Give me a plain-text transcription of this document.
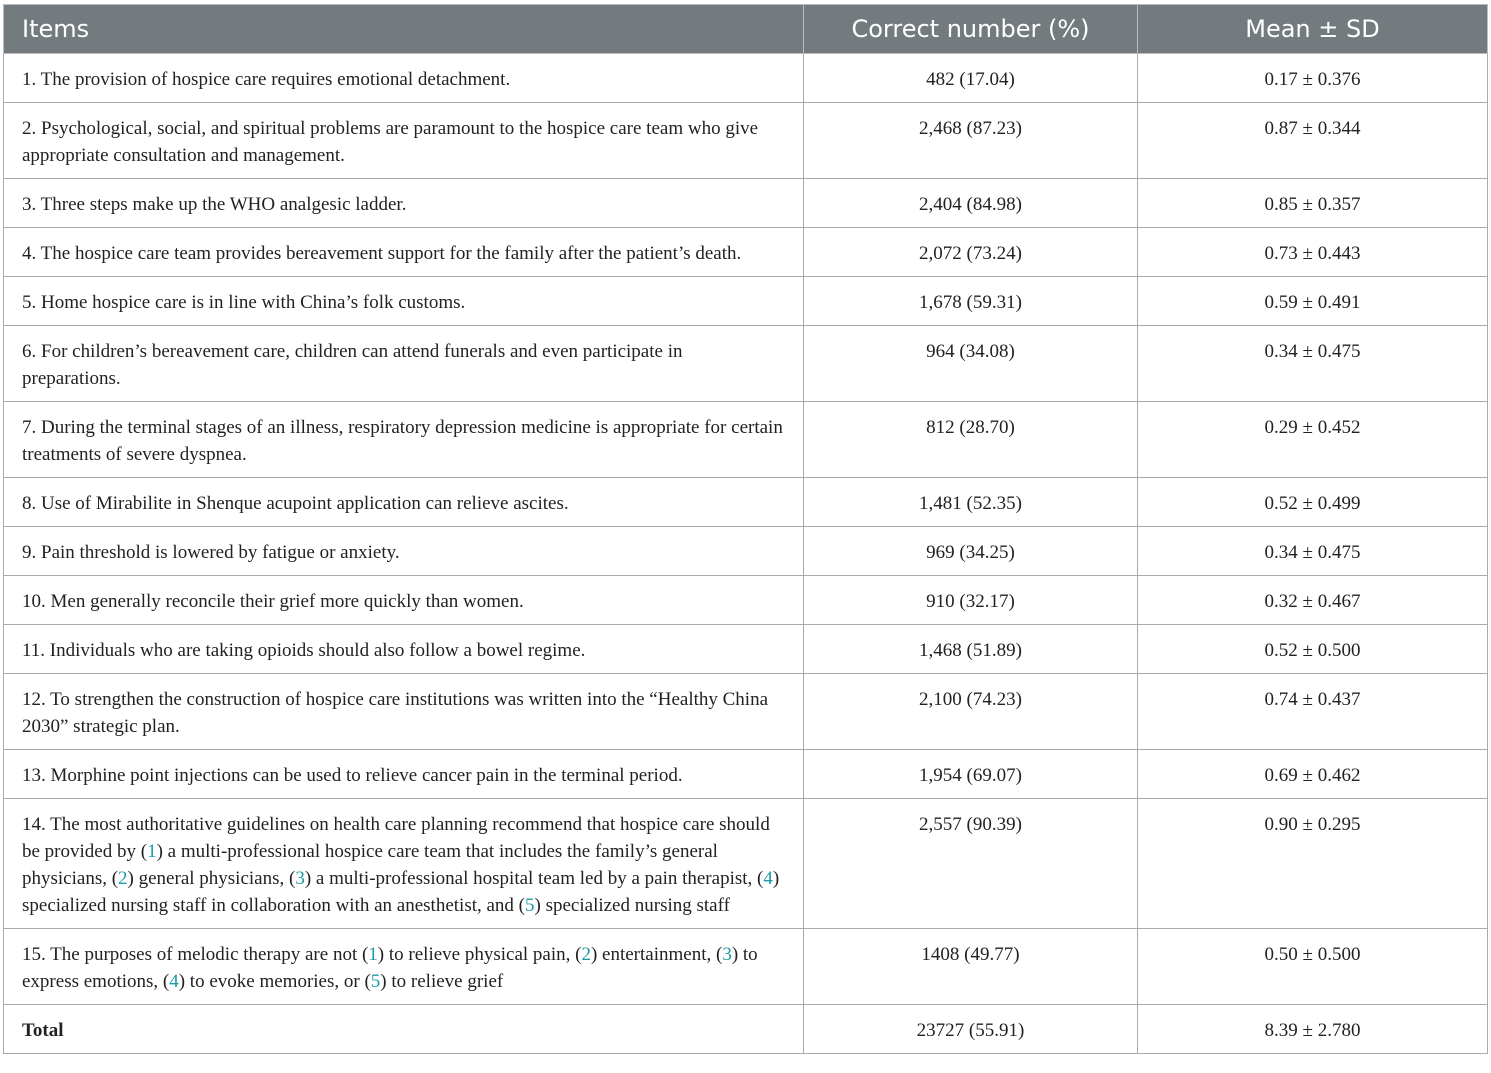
Items	Correct number (%)	Mean ± SD
1. The provision of hospice care requires emotional detachment.	482 (17.04)	0.17 ± 0.376
2. Psychological, social, and spiritual problems are paramount to the hospice care team who give appropriate consultation and management.	2,468 (87.23)	0.87 ± 0.344
3. Three steps make up the WHO analgesic ladder.	2,404 (84.98)	0.85 ± 0.357
4. The hospice care team provides bereavement support for the family after the patient’s death.	2,072 (73.24)	0.73 ± 0.443
5. Home hospice care is in line with China’s folk customs.	1,678 (59.31)	0.59 ± 0.491
6. For children’s bereavement care, children can attend funerals and even participate in preparations.	964 (34.08)	0.34 ± 0.475
7. During the terminal stages of an illness, respiratory depression medicine is appropriate for certain treatments of severe dyspnea.	812 (28.70)	0.29 ± 0.452
8. Use of Mirabilite in Shenque acupoint application can relieve ascites.	1,481 (52.35)	0.52 ± 0.499
9. Pain threshold is lowered by fatigue or anxiety.	969 (34.25)	0.34 ± 0.475
10. Men generally reconcile their grief more quickly than women.	910 (32.17)	0.32 ± 0.467
11. Individuals who are taking opioids should also follow a bowel regime.	1,468 (51.89)	0.52 ± 0.500
12. To strengthen the construction of hospice care institutions was written into the “Healthy China 2030” strategic plan.	2,100 (74.23)	0.74 ± 0.437
13. Morphine point injections can be used to relieve cancer pain in the terminal period.	1,954 (69.07)	0.69 ± 0.462
14. The most authoritative guidelines on health care planning recommend that hospice care should be provided by (1) a multi-professional hospice care team that includes the family’s general physicians, (2) general physicians, (3) a multi-professional hospital team led by a pain therapist, (4) specialized nursing staff in collaboration with an anesthetist, and (5) specialized nursing staff	2,557 (90.39)	0.90 ± 0.295
15. The purposes of melodic therapy are not (1) to relieve physical pain, (2) entertainment, (3) to express emotions, (4) to evoke memories, or (5) to relieve grief	1408 (49.77)	0.50 ± 0.500
Total	23727 (55.91)	8.39 ± 2.780
